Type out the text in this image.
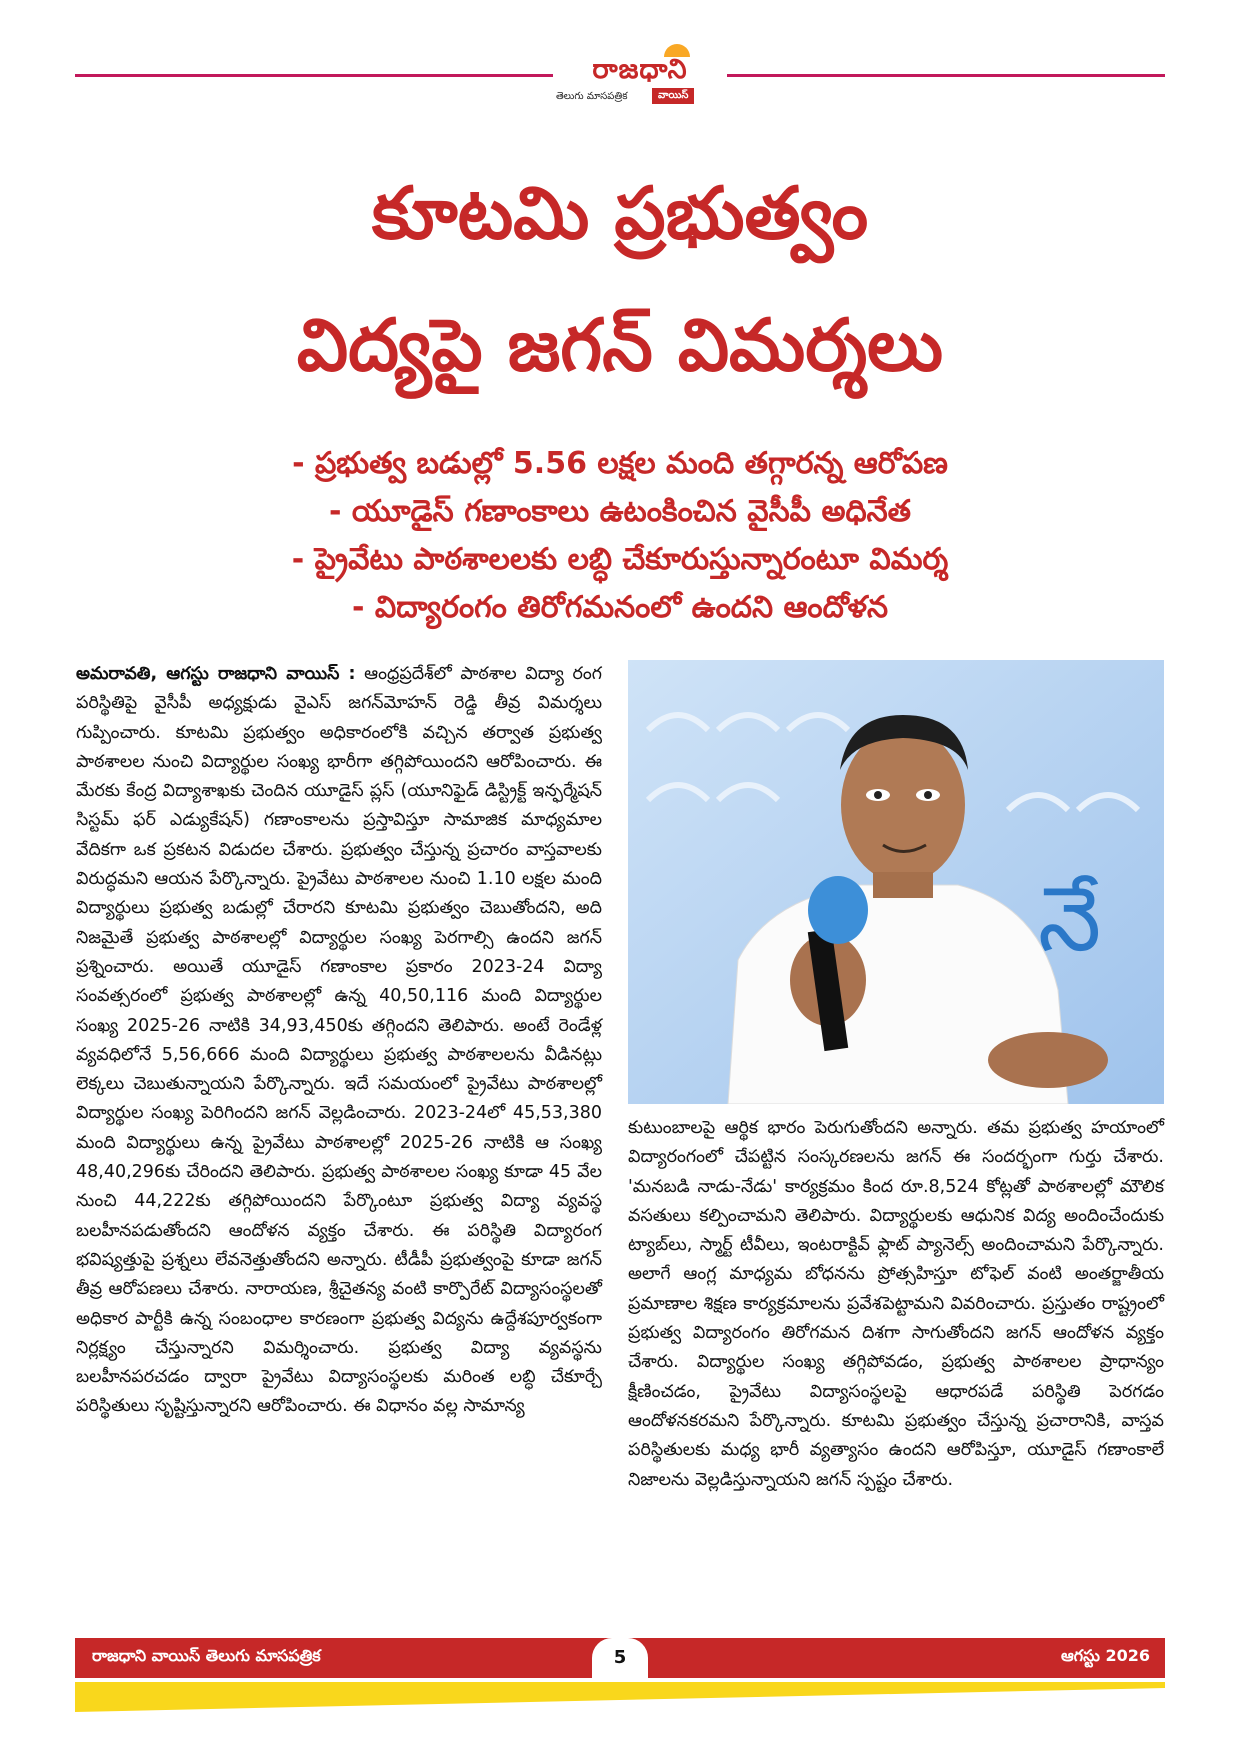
రాజధాని
తెలుగు మాసపత్రిక	వాయిస్
కూటమి ప్రభుత్వం
విద్యపై జగన్ విమర్శలు
- ప్రభుత్వ బడుల్లో 5.56 లక్షల మంది తగ్గారన్న ఆరోపణ
- యూడైస్ గణాంకాలు ఉటంకించిన వైసీపీ అధినేత
- ప్రైవేటు పాఠశాలలకు లబ్ధి చేకూరుస్తున్నారంటూ విమర్శ
- విద్యారంగం తిరోగమనంలో ఉందని ఆందోళన
అమరావతి, ఆగస్టు రాజధాని వాయిస్ : ఆంధ్రప్రదేశ్‌లో పాఠశాల విద్యా రంగ పరిస్థితిపై వైసీపీ అధ్యక్షుడు వైఎస్ జగన్‌మోహన్ రెడ్డి తీవ్ర విమర్శలు గుప్పించారు. కూటమి ప్రభుత్వం అధికారంలోకి వచ్చిన తర్వాత ప్రభుత్వ పాఠశాలల నుంచి విద్యార్థుల సంఖ్య భారీగా తగ్గిపోయిందని ఆరోపించారు. ఈ మేరకు కేంద్ర విద్యాశాఖకు చెందిన యూడైస్ ప్లస్ (యూనిఫైడ్ డిస్ట్రిక్ట్ ఇన్ఫర్మేషన్ సిస్టమ్ ఫర్ ఎడ్యుకేషన్) గణాంకాలను ప్రస్తావిస్తూ సామాజిక మాధ్యమాల వేదికగా ఒక ప్రకటన విడుదల చేశారు. ప్రభుత్వం చేస్తున్న ప్రచారం వాస్తవాలకు విరుద్ధమని ఆయన పేర్కొన్నారు. ప్రైవేటు పాఠశాలల నుంచి 1.10 లక్షల మంది విద్యార్థులు ప్రభుత్వ బడుల్లో చేరారని కూటమి ప్రభుత్వం చెబుతోందని, అది నిజమైతే ప్రభుత్వ పాఠశాలల్లో విద్యార్థుల సంఖ్య పెరగాల్సి ఉందని జగన్ ప్రశ్నించారు. అయితే యూడైస్ గణాంకాల ప్రకారం 2023-24 విద్యా సంవత్సరంలో ప్రభుత్వ పాఠశాలల్లో ఉన్న 40,50,116 మంది విద్యార్థుల సంఖ్య 2025-26 నాటికి 34,93,450కు తగ్గిందని తెలిపారు. అంటే రెండేళ్ల వ్యవధిలోనే 5,56,666 మంది విద్యార్థులు ప్రభుత్వ పాఠశాలలను వీడినట్లు లెక్కలు చెబుతున్నాయని పేర్కొన్నారు. ఇదే సమయంలో ప్రైవేటు పాఠశాలల్లో విద్యార్థుల సంఖ్య పెరిగిందని జగన్ వెల్లడించారు. 2023-24లో 45,53,380 మంది విద్యార్థులు ఉన్న ప్రైవేటు పాఠశాలల్లో 2025-26 నాటికి ఆ సంఖ్య 48,40,296కు చేరిందని తెలిపారు. ప్రభుత్వ పాఠశాలల సంఖ్య కూడా 45 వేల నుంచి 44,222కు తగ్గిపోయిందని పేర్కొంటూ ప్రభుత్వ విద్యా వ్యవస్థ బలహీనపడుతోందని ఆందోళన వ్యక్తం చేశారు. ఈ పరిస్థితి విద్యారంగ భవిష్యత్తుపై ప్రశ్నలు లేవనెత్తుతోందని అన్నారు. టీడీపీ ప్రభుత్వంపై కూడా జగన్ తీవ్ర ఆరోపణలు చేశారు. నారాయణ, శ్రీచైతన్య వంటి కార్పొరేట్ విద్యాసంస్థలతో అధికార పార్టీకి ఉన్న సంబంధాల కారణంగా ప్రభుత్వ విద్యను ఉద్దేశపూర్వకంగా నిర్లక్ష్యం చేస్తున్నారని విమర్శించారు. ప్రభుత్వ విద్యా వ్యవస్థను బలహీనపరచడం ద్వారా ప్రైవేటు విద్యాసంస్థలకు మరింత లబ్ధి చేకూర్చే పరిస్థితులు సృష్టిస్తున్నారని ఆరోపించారు. ఈ విధానం వల్ల సామాన్య
నే
కుటుంబాలపై ఆర్థిక భారం పెరుగుతోందని అన్నారు. తమ ప్రభుత్వ హయాంలో విద్యారంగంలో చేపట్టిన సంస్కరణలను జగన్ ఈ సందర్భంగా గుర్తు చేశారు. 'మనబడి నాడు-నేడు' కార్యక్రమం కింద రూ.8,524 కోట్లతో పాఠశాలల్లో మౌలిక వసతులు కల్పించామని తెలిపారు. విద్యార్థులకు ఆధునిక విద్య అందించేందుకు ట్యాబ్‌లు, స్మార్ట్ టీవీలు, ఇంటరాక్టివ్ ఫ్లాట్ ప్యానెల్స్ అందించామని పేర్కొన్నారు. అలాగే ఆంగ్ల మాధ్యమ బోధనను ప్రోత్సహిస్తూ టోఫెల్ వంటి అంతర్జాతీయ ప్రమాణాల శిక్షణ కార్యక్రమాలను ప్రవేశపెట్టామని వివరించారు. ప్రస్తుతం రాష్ట్రంలో ప్రభుత్వ విద్యారంగం తిరోగమన దిశగా సాగుతోందని జగన్ ఆందోళన వ్యక్తం చేశారు. విద్యార్థుల సంఖ్య తగ్గిపోవడం, ప్రభుత్వ పాఠశాలల ప్రాధాన్యం క్షీణించడం, ప్రైవేటు విద్యాసంస్థలపై ఆధారపడే పరిస్థితి పెరగడం ఆందోళనకరమని పేర్కొన్నారు. కూటమి ప్రభుత్వం చేస్తున్న ప్రచారానికి, వాస్తవ పరిస్థితులకు మధ్య భారీ వ్యత్యాసం ఉందని ఆరోపిస్తూ, యూడైస్ గణాంకాలే నిజాలను వెల్లడిస్తున్నాయని జగన్ స్పష్టం చేశారు.
రాజధాని వాయిస్ తెలుగు మాసపత్రిక	5	ఆగస్టు 2026
